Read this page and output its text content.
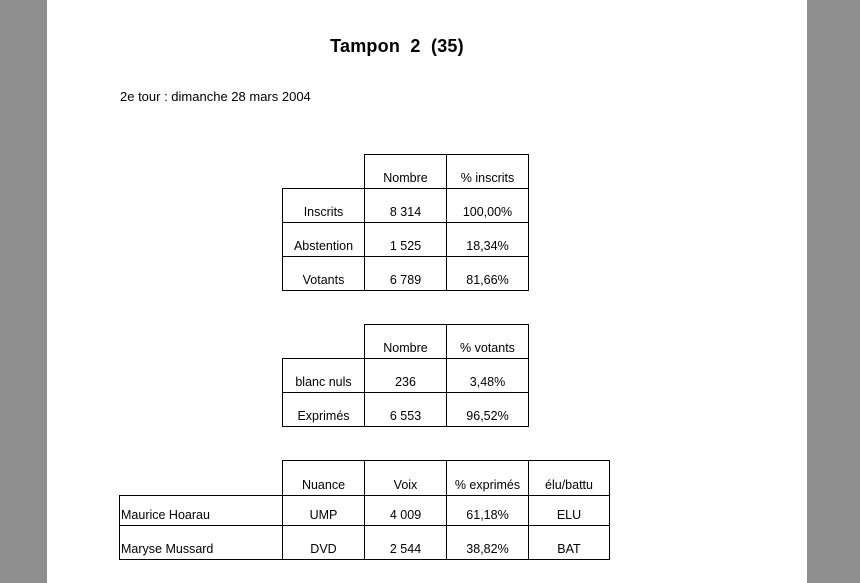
Tampon  2  (35)
2e tour : dimanche 28 mars 2004
	Nombre	% inscrits
Inscrits	8 314	100,00%
Abstention	1 525	18,34%
Votants	6 789	81,66%
	Nombre	% votants
blanc nuls	236	3,48%
Exprimés	6 553	96,52%
	Nuance	Voix	% exprimés	élu/battu
Maurice Hoarau	UMP	4 009	61,18%	ELU
Maryse Mussard	DVD	2 544	38,82%	BAT
